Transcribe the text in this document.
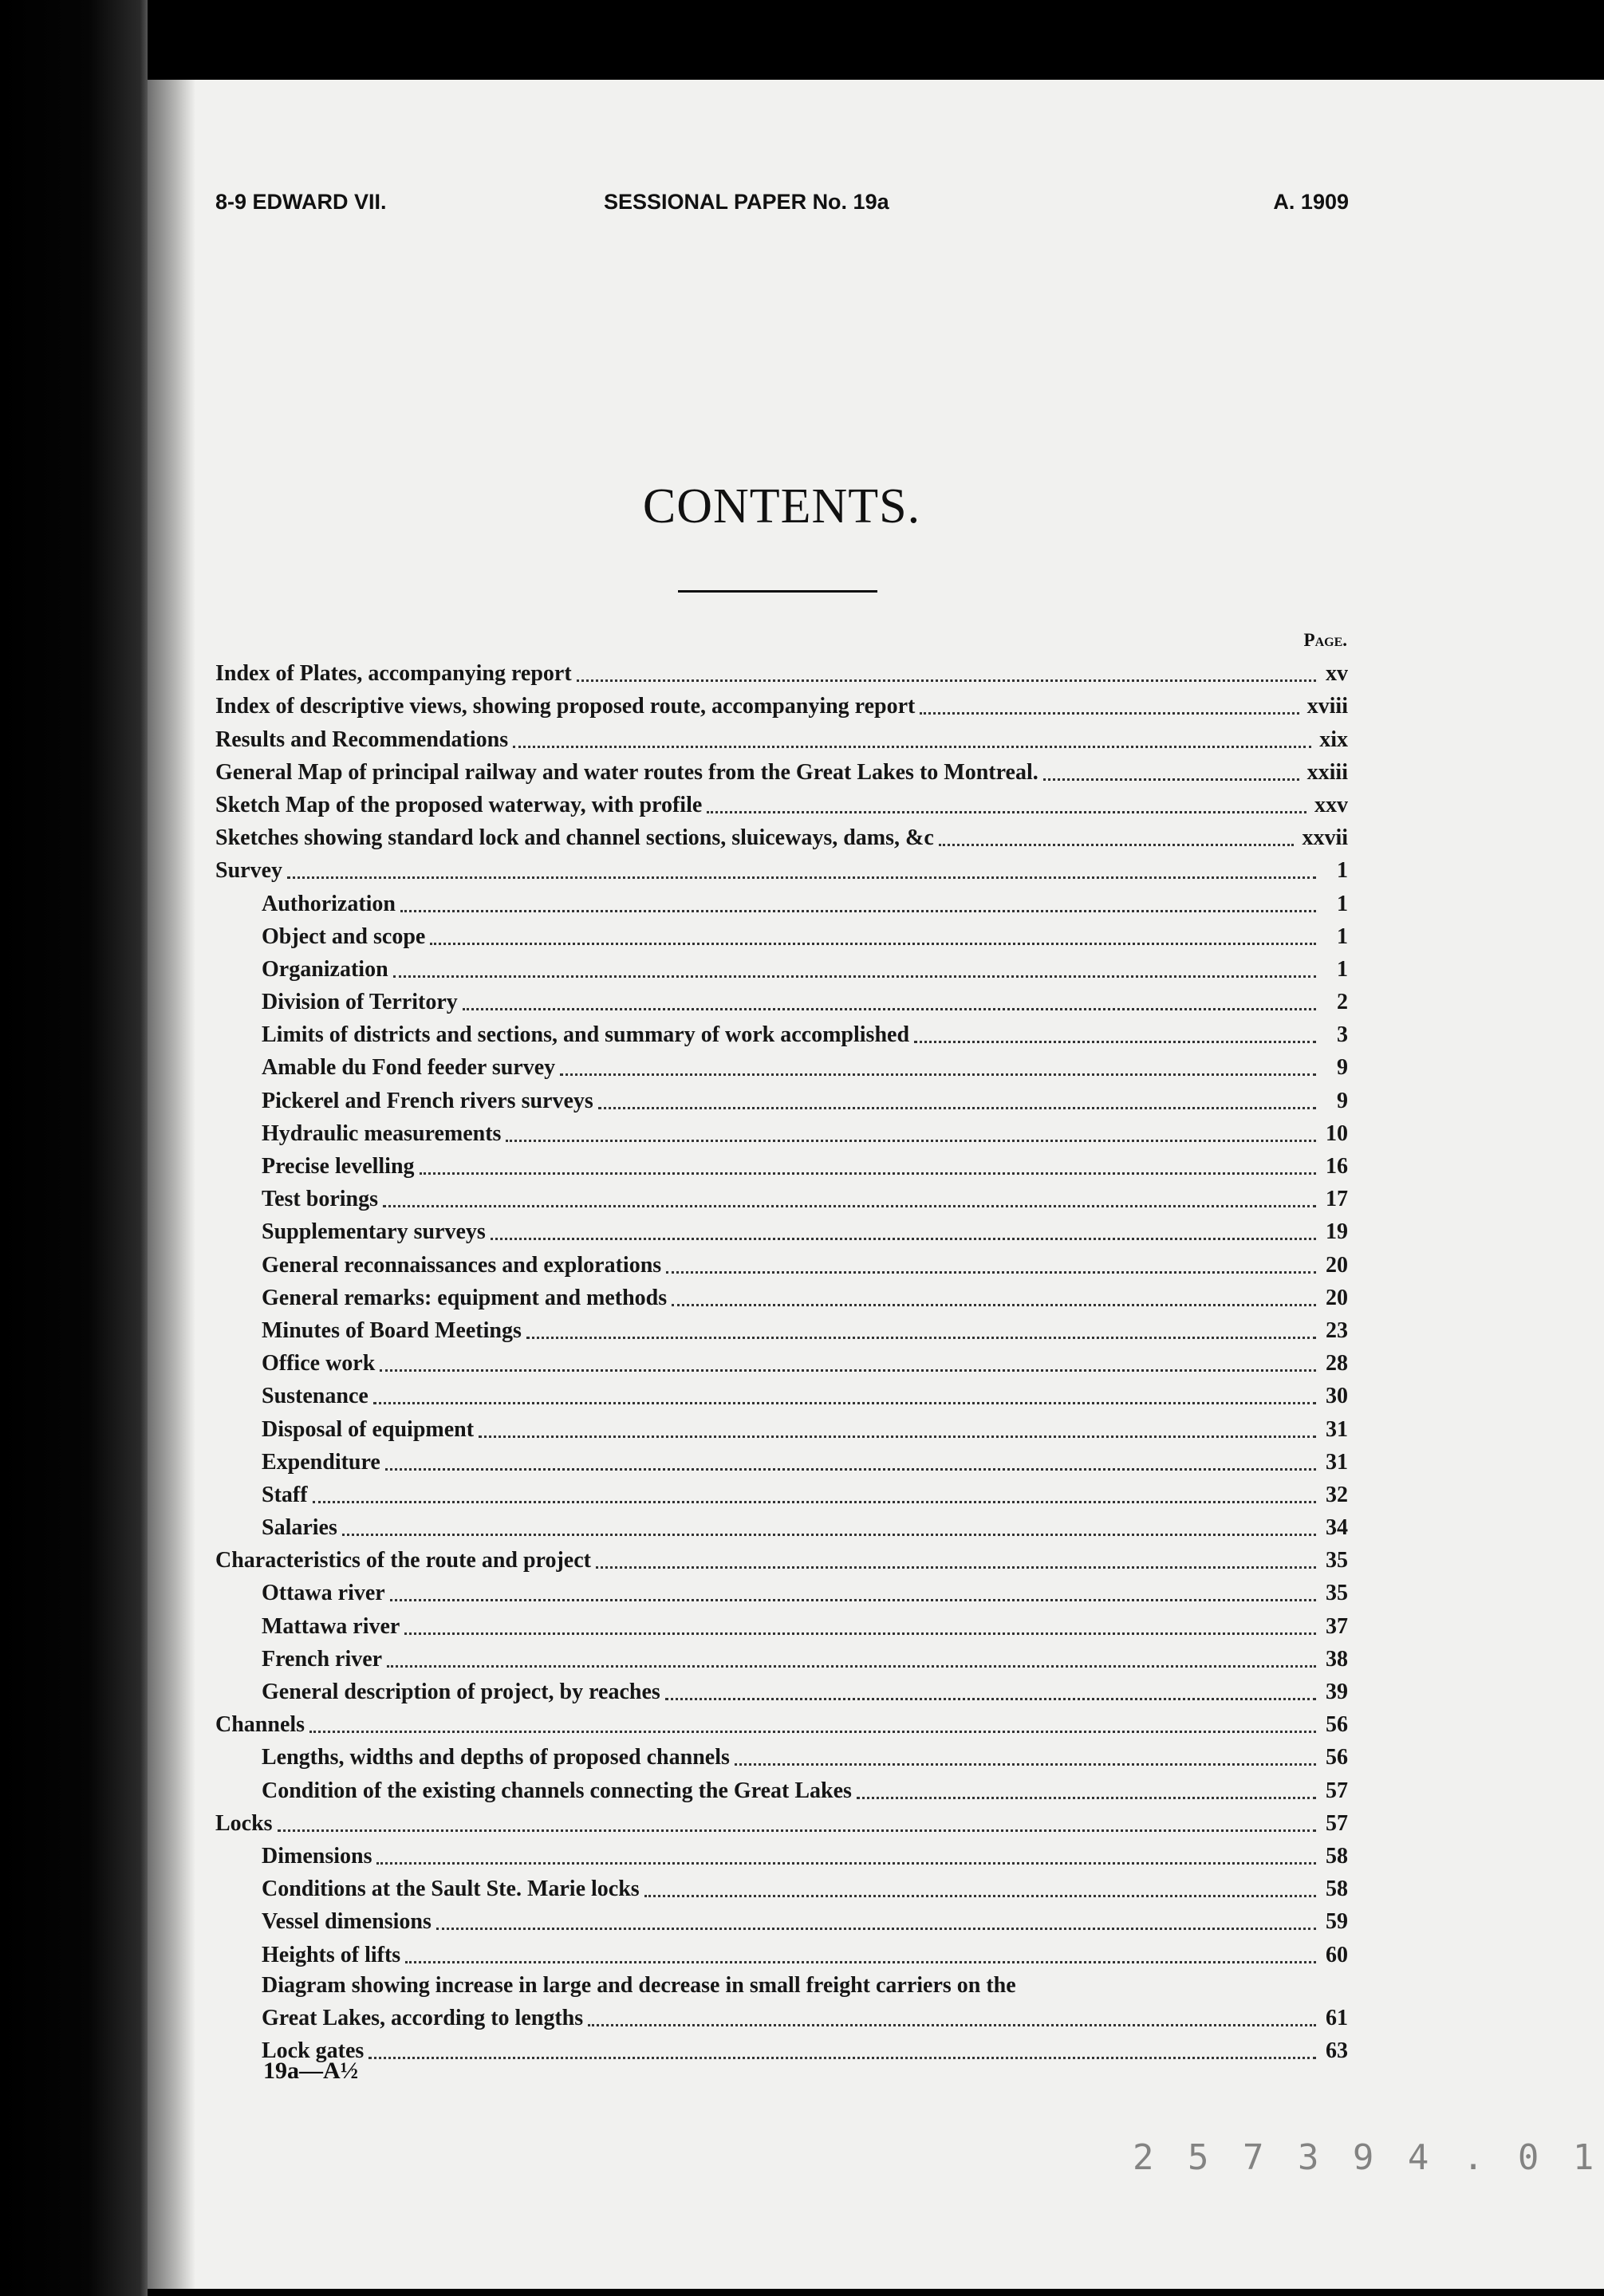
8-9 EDWARD VII.	SESSIONAL PAPER No. 19a	A. 1909
CONTENTS.
Page.
Index of Plates, accompanying report	xv
Index of descriptive views, showing proposed route, accompanying report	xviii
Results and Recommendations	xix
General Map of principal railway and water routes from the Great Lakes to Montreal.	xxiii
Sketch Map of the proposed waterway, with profile	xxv
Sketches showing standard lock and channel sections, sluiceways, dams, &c	xxvii
Survey	1
Authorization	1
Object and scope	1
Organization	1
Division of Territory	2
Limits of districts and sections, and summary of work accomplished	3
Amable du Fond feeder survey	9
Pickerel and French rivers surveys	9
Hydraulic measurements	10
Precise levelling	16
Test borings	17
Supplementary surveys	19
General reconnaissances and explorations	20
General remarks: equipment and methods	20
Minutes of Board Meetings	23
Office work	28
Sustenance	30
Disposal of equipment	31
Expenditure	31
Staff	32
Salaries	34
Characteristics of the route and project	35
Ottawa river	35
Mattawa river	37
French river	38
General description of project, by reaches	39
Channels	56
Lengths, widths and depths of proposed channels	56
Condition of the existing channels connecting the Great Lakes	57
Locks	57
Dimensions	58
Conditions at the Sault Ste. Marie locks	58
Vessel dimensions	59
Heights of lifts	60
Diagram showing increase in large and decrease in small freight carriers on the
Great Lakes, according to lengths	61
Lock gates	63
19a—A½
2 5 7 3 9 4 . 0 1
